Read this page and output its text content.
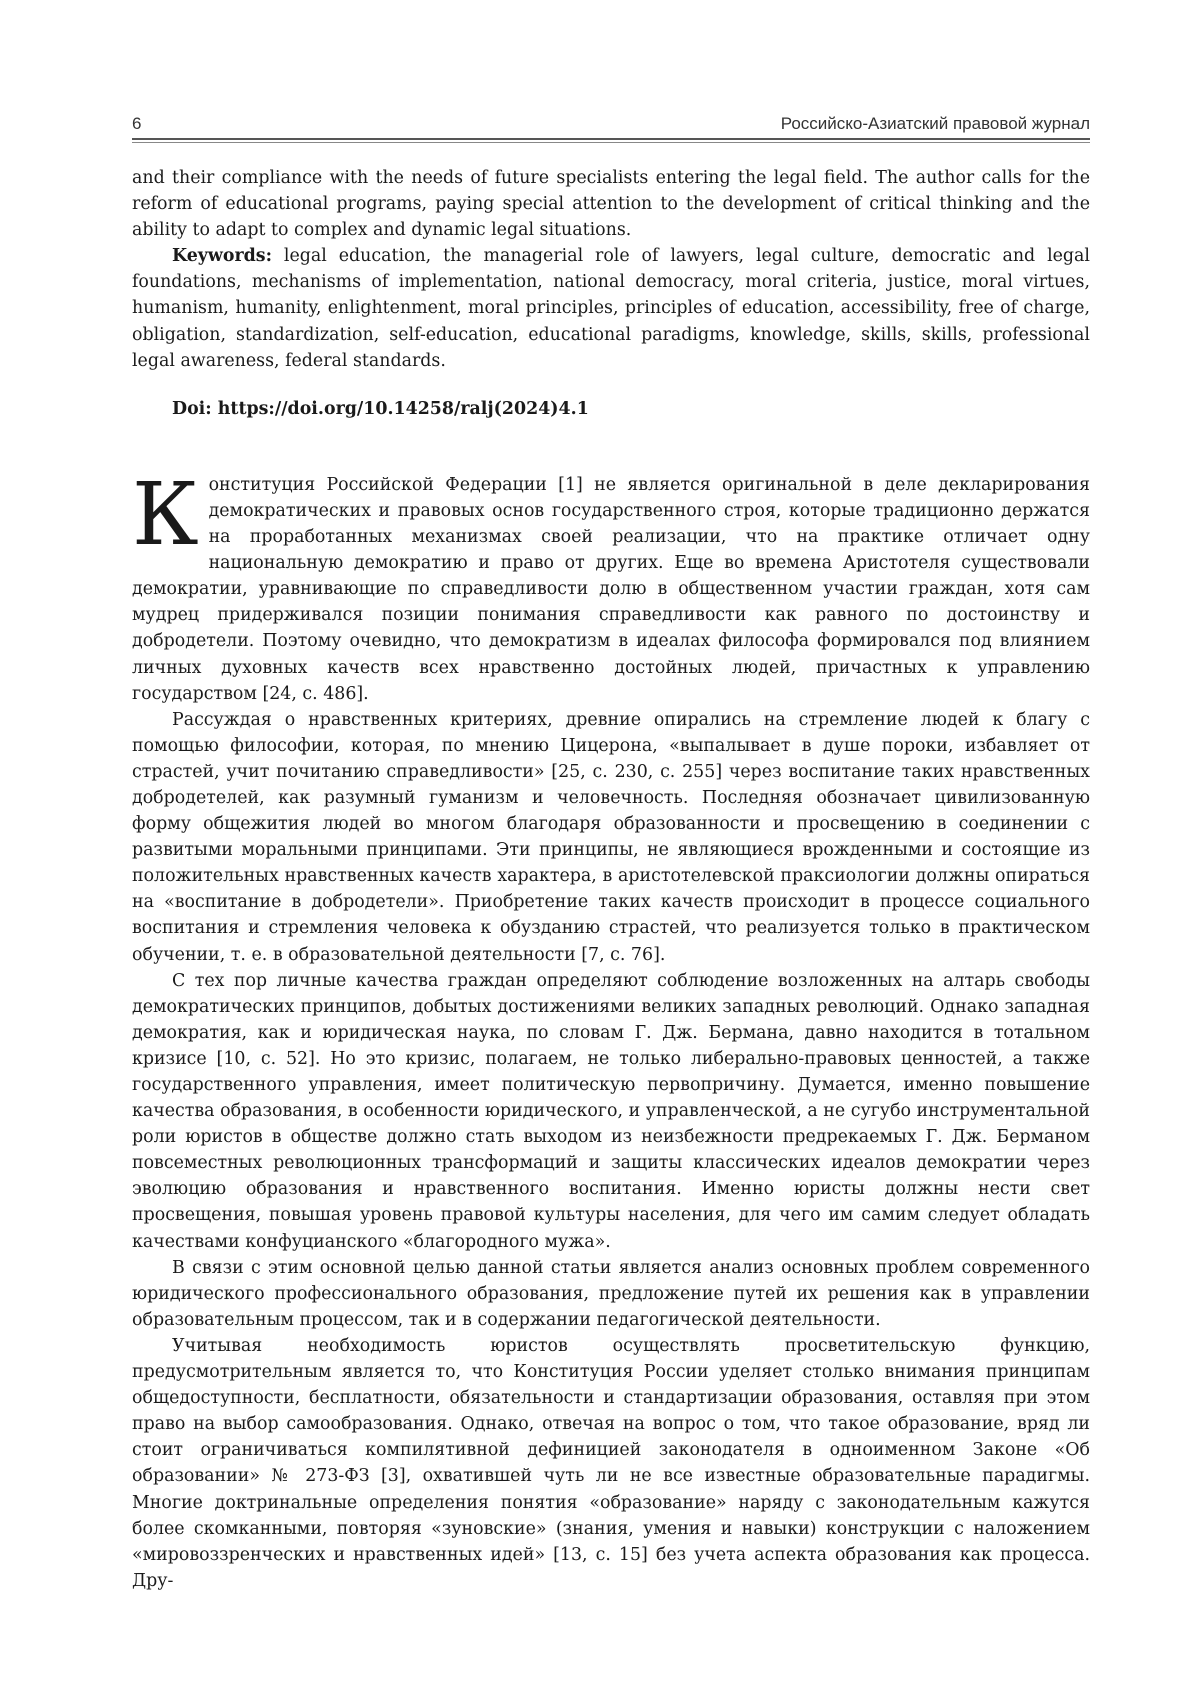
6	Российско-Азиатский правовой журнал

and their compliance with the needs of future specialists entering the legal field. The author calls for the reform of educational programs, paying special attention to the development of critical thinking and the ability to adapt to complex and dynamic legal situations.

Keywords: legal education, the managerial role of lawyers, legal culture, democratic and legal foundations, mechanisms of implementation, national democracy, moral criteria, justice, moral virtues, humanism, humanity, enlightenment, moral principles, principles of education, accessibility, free of charge, obligation, standardization, self-education, educational paradigms, knowledge, skills, skills, professional legal awareness, federal standards.

Doi: https://doi.org/10.14258/ralj(2024)4.1

Конституция Российской Федерации [1] не является оригинальной в деле декларирования демократических и правовых основ государственного строя, которые традиционно держатся на проработанных механизмах своей реализации, что на практике отличает одну национальную демократию и право от других. Еще во времена Аристотеля существовали демократии, уравнивающие по справедливости долю в общественном участии граждан, хотя сам мудрец придерживался позиции понимания справедливости как равного по достоинству и добродетели. Поэтому очевидно, что демократизм в идеалах философа формировался под влиянием личных духовных качеств всех нравственно достойных людей, причастных к управлению государством [24, с. 486].

Рассуждая о нравственных критериях, древние опирались на стремление людей к благу с помощью философии, которая, по мнению Цицерона, «выпалывает в душе пороки, избавляет от страстей, учит почитанию справедливости» [25, с. 230, с. 255] через воспитание таких нравственных добродетелей, как разумный гуманизм и человечность. Последняя обозначает цивилизованную форму общежития людей во многом благодаря образованности и просвещению в соединении с развитыми моральными принципами. Эти принципы, не являющиеся врожденными и состоящие из положительных нравственных качеств характера, в аристотелевской праксиологии должны опираться на «воспитание в добродетели». Приобретение таких качеств происходит в процессе социального воспитания и стремления человека к обузданию страстей, что реализуется только в практическом обучении, т. е. в образовательной деятельности [7, с. 76].

С тех пор личные качества граждан определяют соблюдение возложенных на алтарь свободы демократических принципов, добытых достижениями великих западных революций. Однако западная демократия, как и юридическая наука, по словам Г. Дж. Бермана, давно находится в тотальном кризисе [10, с. 52]. Но это кризис, полагаем, не только либерально-правовых ценностей, а также государственного управления, имеет политическую первопричину. Думается, именно повышение качества образования, в особенности юридического, и управленческой, а не сугубо инструментальной роли юристов в обществе должно стать выходом из неизбежности предрекаемых Г. Дж. Берманом повсеместных революционных трансформаций и защиты классических идеалов демократии через эволюцию образования и нравственного воспитания. Именно юристы должны нести свет просвещения, повышая уровень правовой культуры населения, для чего им самим следует обладать качествами конфуцианского «благородного мужа».

В связи с этим основной целью данной статьи является анализ основных проблем современного юридического профессионального образования, предложение путей их решения как в управлении образовательным процессом, так и в содержании педагогической деятельности.

Учитывая необходимость юристов осуществлять просветительскую функцию, предусмотрительным является то, что Конституция России уделяет столько внимания принципам общедоступности, бесплатности, обязательности и стандартизации образования, оставляя при этом право на выбор самообразования. Однако, отвечая на вопрос о том, что такое образование, вряд ли стоит ограничиваться компилятивной дефиницией законодателя в одноименном Законе «Об образовании» № 273-ФЗ [3], охватившей чуть ли не все известные образовательные парадигмы. Многие доктринальные определения понятия «образование» наряду с законодательным кажутся более скомканными, повторяя «зуновские» (знания, умения и навыки) конструкции с наложением «мировоззренческих и нравственных идей» [13, с. 15] без учета аспекта образования как процесса. Дру-
